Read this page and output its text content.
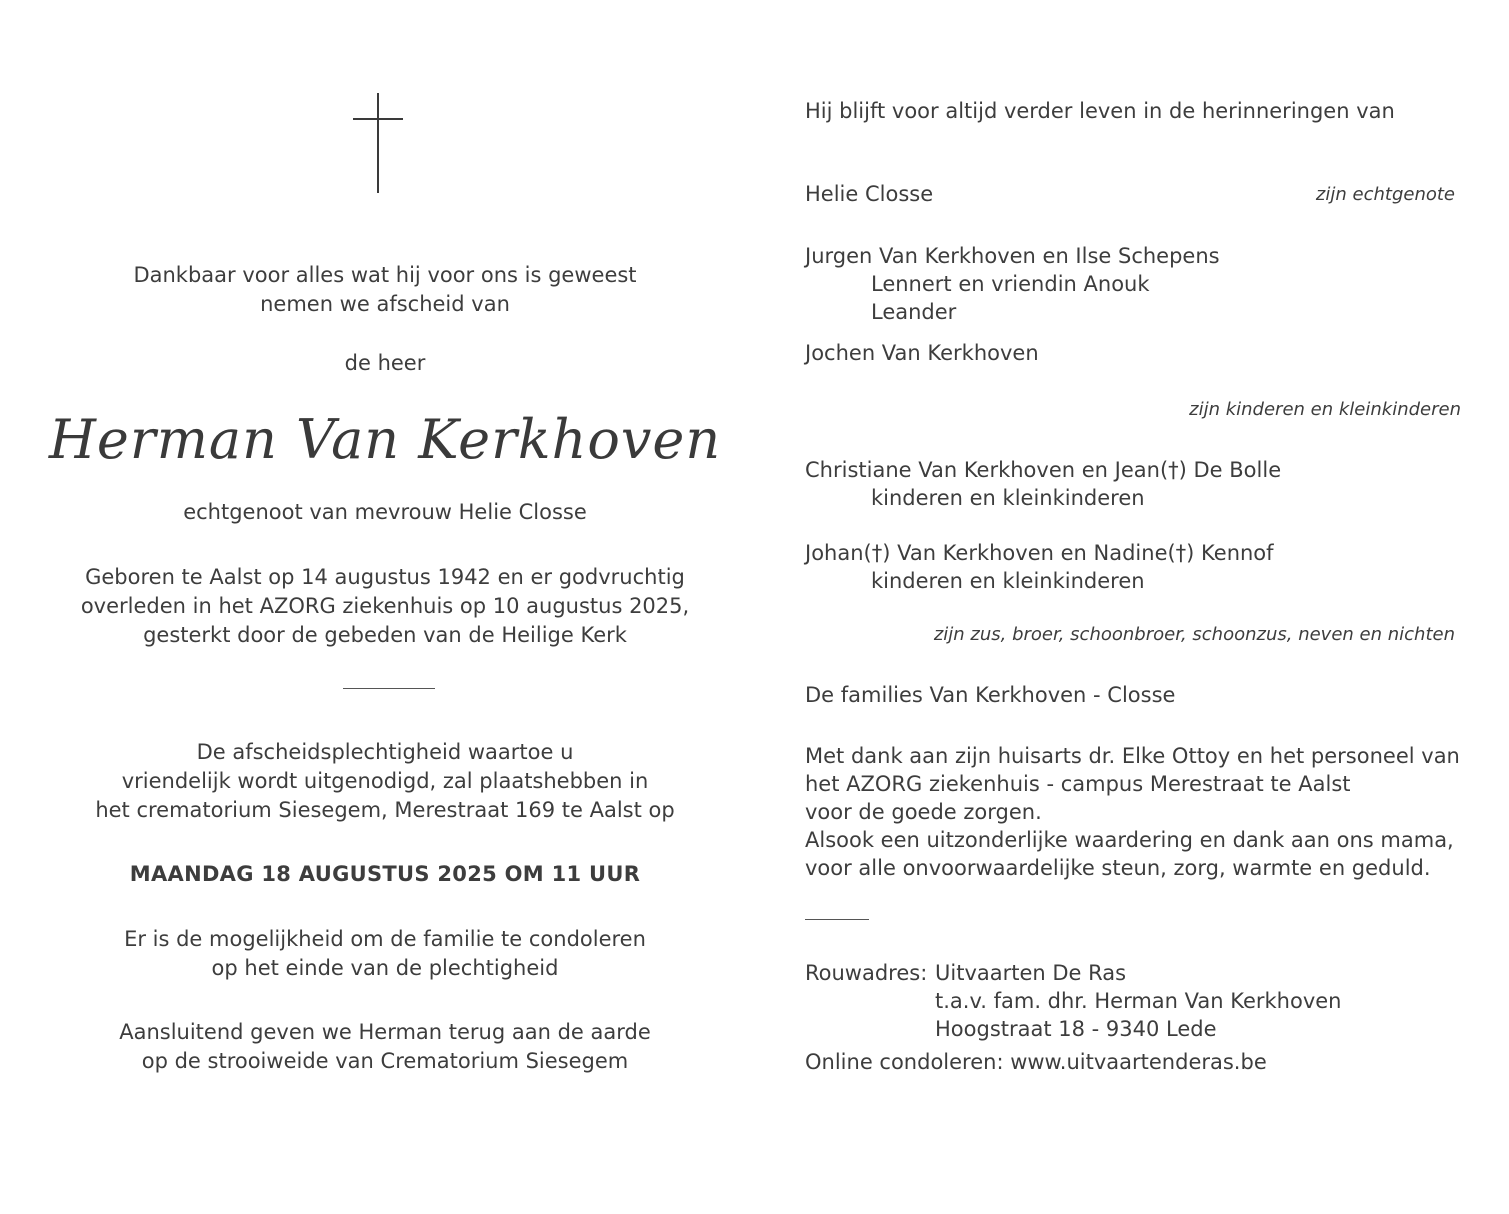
Dankbaar voor alles wat hij voor ons is geweest
nemen we afscheid van
de heer
Herman Van Kerkhoven
echtgenoot van mevrouw Helie Closse
Geboren te Aalst op 14 augustus 1942 en er godvruchtig
overleden in het AZORG ziekenhuis op 10 augustus 2025,
gesterkt door de gebeden van de Heilige Kerk
De afscheidsplechtigheid waartoe u
vriendelijk wordt uitgenodigd, zal plaatshebben in
het crematorium Siesegem, Merestraat 169 te Aalst op
MAANDAG 18 AUGUSTUS 2025 OM 11 UUR
Er is de mogelijkheid om de familie te condoleren
op het einde van de plechtigheid
Aansluitend geven we Herman terug aan de aarde
op de strooiweide van Crematorium Siesegem
Hij blijft voor altijd verder leven in de herinneringen van
Helie Closse	zijn echtgenote
Jurgen Van Kerkhoven en Ilse Schepens
Lennert en vriendin Anouk
Leander
Jochen Van Kerkhoven
zijn kinderen en kleinkinderen
Christiane Van Kerkhoven en Jean(†) De Bolle
kinderen en kleinkinderen
Johan(†) Van Kerkhoven en Nadine(†) Kennof
kinderen en kleinkinderen
zijn zus, broer, schoonbroer, schoonzus, neven en nichten
De families Van Kerkhoven - Closse
Met dank aan zijn huisarts dr. Elke Ottoy en het personeel van
het AZORG ziekenhuis - campus Merestraat te Aalst
voor de goede zorgen.
Alsook een uitzonderlijke waardering en dank aan ons mama,
voor alle onvoorwaardelijke steun, zorg, warmte en geduld.
Rouwadres: Uitvaarten De Ras
t.a.v. fam. dhr. Herman Van Kerkhoven
Hoogstraat 18 - 9340 Lede
Online condoleren: www.uitvaartenderas.be
